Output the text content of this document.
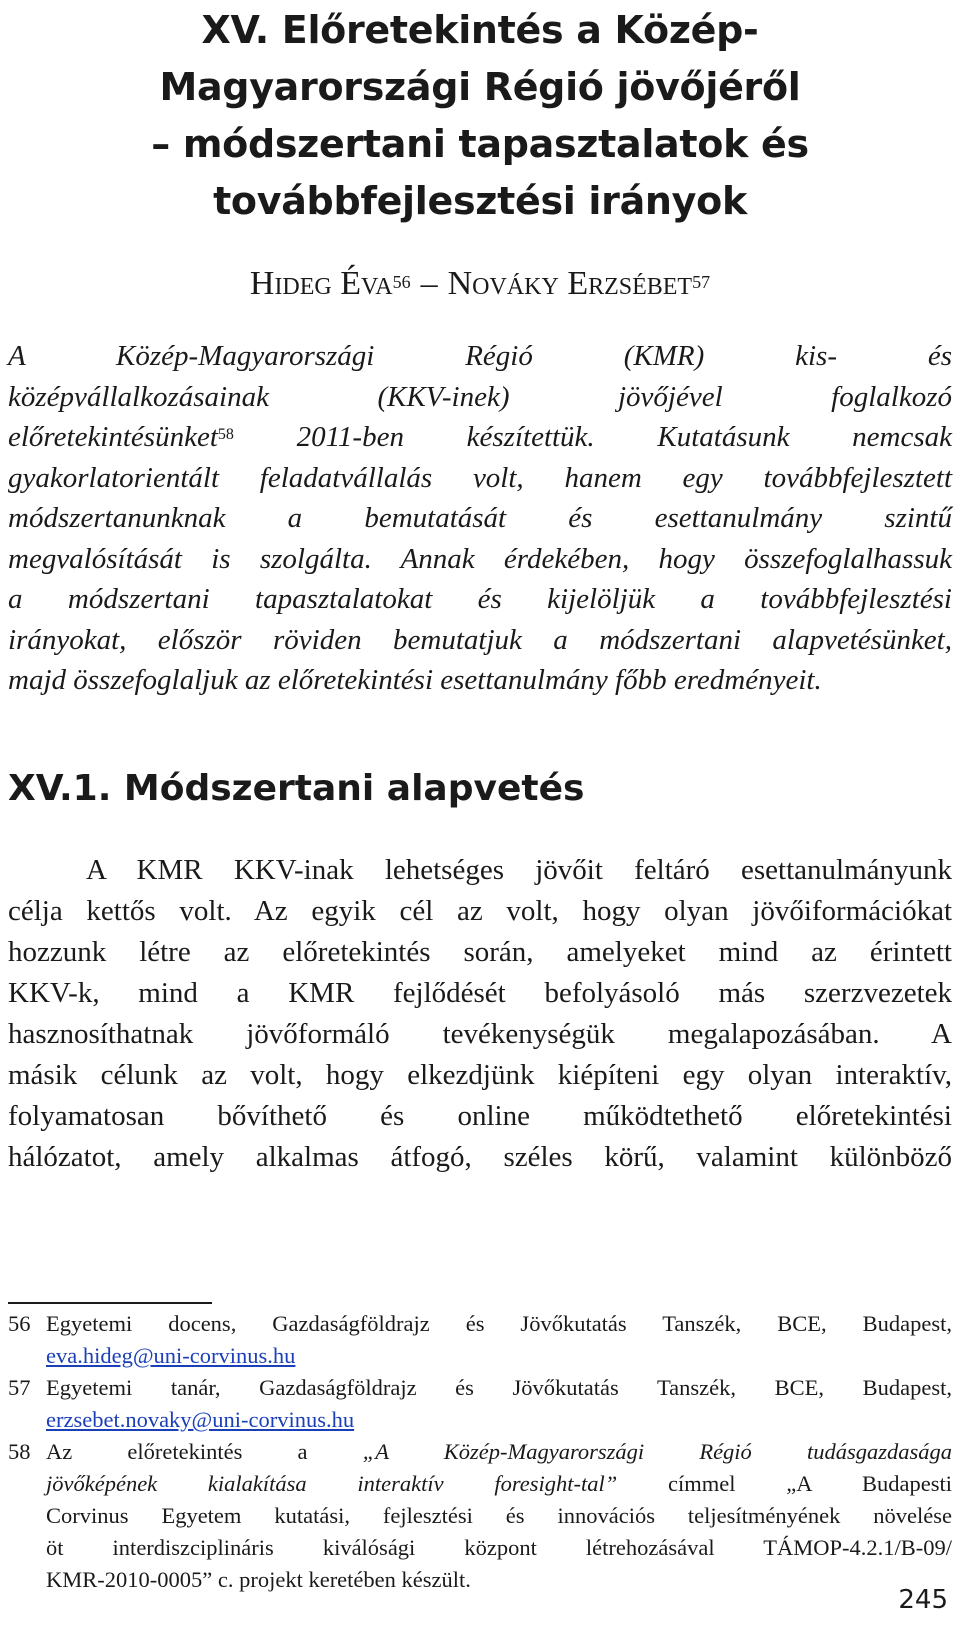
XV. Előretekintés a Közép-
Magyarországi Régió jövőjéről
– módszertani tapasztalatok és
továbbfejlesztési irányok
Hideg Éva$^{56}$ – Nováky Erzsébet$^{57}$
A Közép-Magyarországi Régió (KMR) kis- és
középvállalkozásainak (KKV-inek) jövőjével foglalkozó
előretekintésünket$^{58}$ 2011-ben készítettük. Kutatásunk nemcsak
gyakorlatorientált feladatvállalás volt, hanem egy továbbfejlesztett
módszertanunknak a bemutatását és esettanulmány szintű
megvalósítását is szolgálta. Annak érdekében, hogy összefoglalhassuk
a módszertani tapasztalatokat és kijelöljük a továbbfejlesztési
irányokat, először röviden bemutatjuk a módszertani alapvetésünket,
majd összefoglaljuk az előretekintési esettanulmány főbb eredményeit.
XV.1. Módszertani alapvetés
A KMR KKV-inak lehetséges jövőit feltáró esettanulmányunk
célja kettős volt. Az egyik cél az volt, hogy olyan jövőiformációkat
hozzunk létre az előretekintés során, amelyeket mind az érintett
KKV-k, mind a KMR fejlődését befolyásoló más szerzvezetek
hasznosíthatnak jövőformáló tevékenységük megalapozásában. A
másik célunk az volt, hogy elkezdjünk kiépíteni egy olyan interaktív,
folyamatosan bővíthető és online működtethető előretekintési
hálózatot, amely alkalmas átfogó, széles körű, valamint különböző
56 Egyetemi docens, Gazdaságföldrajz és Jövőkutatás Tanszék, BCE, Budapest,
eva.hideg@uni-corvinus.hu
57 Egyetemi tanár, Gazdaságföldrajz és Jövőkutatás Tanszék, BCE, Budapest,
erzsebet.novaky@uni-corvinus.hu
58 Az előretekintés a „A Közép-Magyarországi Régió tudásgazdasága
jövőképének kialakítása interaktív foresight-tal” címmel „A Budapesti
Corvinus Egyetem kutatási, fejlesztési és innovációs teljesítményének növelése
öt interdiszciplináris kiválósági központ létrehozásával TÁMOP-4.2.1/B-09/
KMR-2010-0005” c. projekt keretében készült.
245
